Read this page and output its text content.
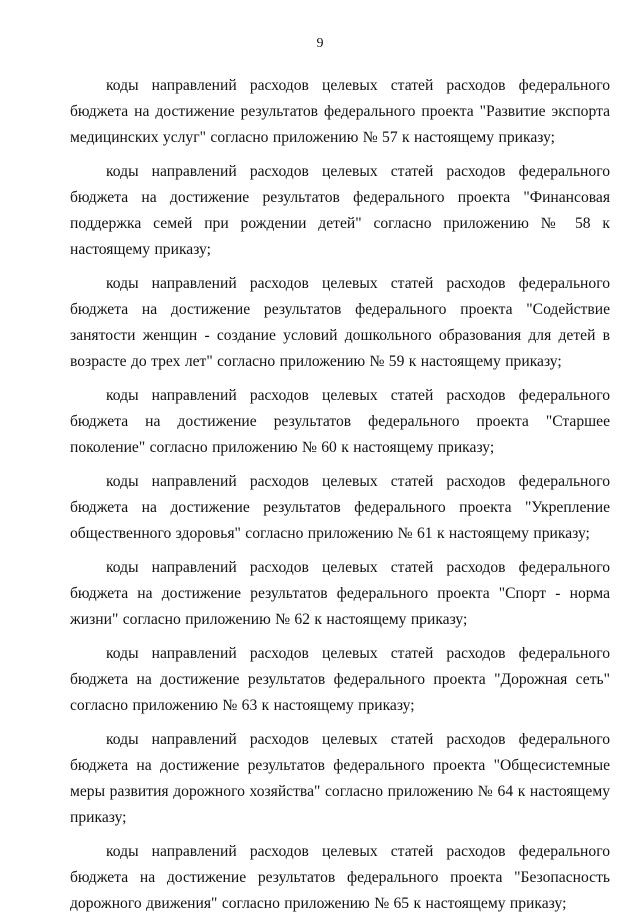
9

коды направлений расходов целевых статей расходов федерального бюджета на достижение результатов федерального проекта "Развитие экспорта медицинских услуг" согласно приложению № 57 к настоящему приказу;

коды направлений расходов целевых статей расходов федерального бюджета на достижение результатов федерального проекта "Финансовая поддержка семей при рождении детей" согласно приложению № 58 к настоящему приказу;

коды направлений расходов целевых статей расходов федерального бюджета на достижение результатов федерального проекта "Содействие занятости женщин - создание условий дошкольного образования для детей в возрасте до трех лет" согласно приложению № 59 к настоящему приказу;

коды направлений расходов целевых статей расходов федерального бюджета на достижение результатов федерального проекта "Старшее поколение" согласно приложению № 60 к настоящему приказу;

коды направлений расходов целевых статей расходов федерального бюджета на достижение результатов федерального проекта "Укрепление общественного здоровья" согласно приложению № 61 к настоящему приказу;

коды направлений расходов целевых статей расходов федерального бюджета на достижение результатов федерального проекта "Спорт - норма жизни" согласно приложению № 62 к настоящему приказу;

коды направлений расходов целевых статей расходов федерального бюджета на достижение результатов федерального проекта "Дорожная сеть" согласно приложению № 63 к настоящему приказу;

коды направлений расходов целевых статей расходов федерального бюджета на достижение результатов федерального проекта "Общесистемные меры развития дорожного хозяйства" согласно приложению № 64 к настоящему приказу;

коды направлений расходов целевых статей расходов федерального бюджета на достижение результатов федерального проекта "Безопасность дорожного движения" согласно приложению № 65 к настоящему приказу;
